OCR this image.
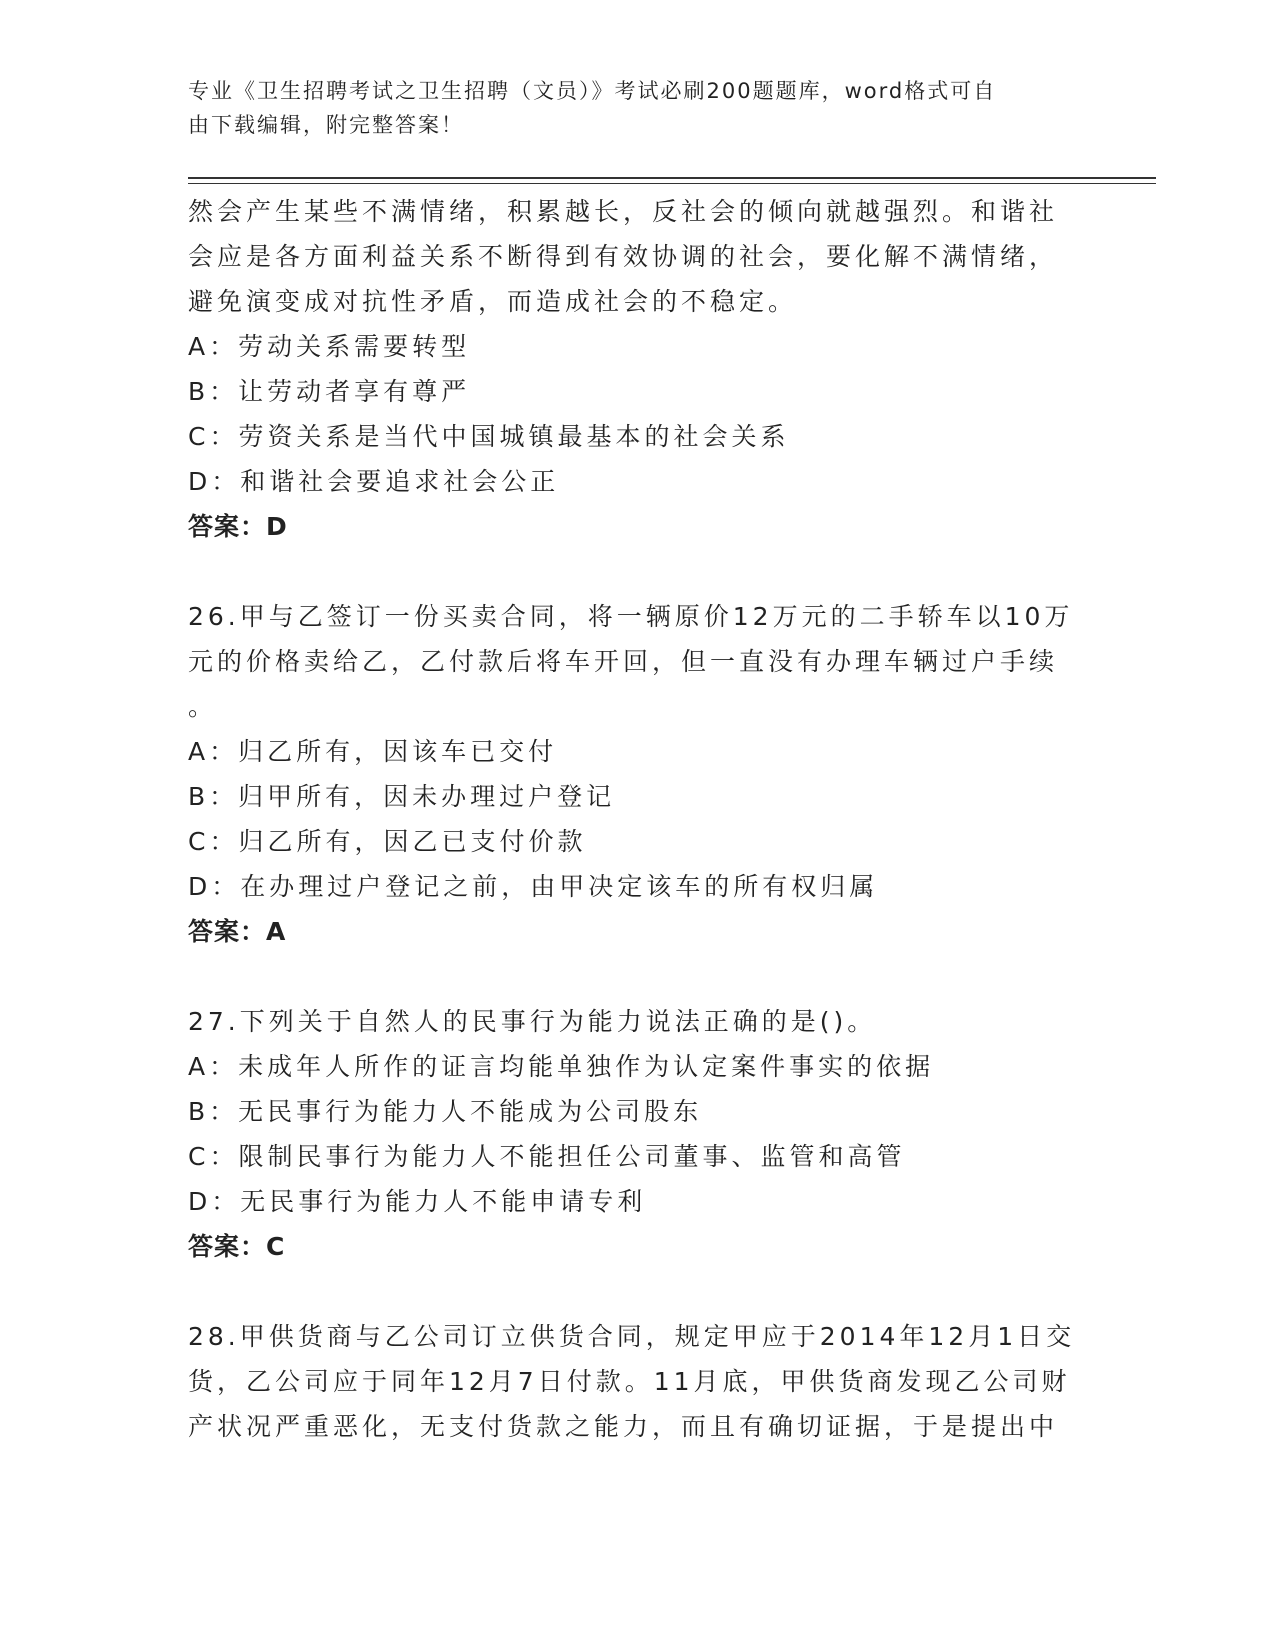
专业《卫生招聘考试之卫生招聘（文员）》考试必刷200题题库，word格式可自
由下载编辑，附完整答案！
然会产生某些不满情绪，积累越长，反社会的倾向就越强烈。和谐社
会应是各方面利益关系不断得到有效协调的社会，要化解不满情绪，
避免演变成对抗性矛盾，而造成社会的不稳定。
A：劳动关系需要转型
B：让劳动者享有尊严
C：劳资关系是当代中国城镇最基本的社会关系
D：和谐社会要追求社会公正
答案：D
26.甲与乙签订一份买卖合同，将一辆原价12万元的二手轿车以10万
元的价格卖给乙，乙付款后将车开回，但一直没有办理车辆过户手续
。
A：归乙所有，因该车已交付
B：归甲所有，因未办理过户登记
C：归乙所有，因乙已支付价款
D：在办理过户登记之前，由甲决定该车的所有权归属
答案：A
27.下列关于自然人的民事行为能力说法正确的是()。
A：未成年人所作的证言均能单独作为认定案件事实的依据
B：无民事行为能力人不能成为公司股东
C：限制民事行为能力人不能担任公司董事、监管和高管
D：无民事行为能力人不能申请专利
答案：C
28.甲供货商与乙公司订立供货合同，规定甲应于2014年12月1日交
货，乙公司应于同年12月7日付款。11月底，甲供货商发现乙公司财
产状况严重恶化，无支付货款之能力，而且有确切证据，于是提出中
